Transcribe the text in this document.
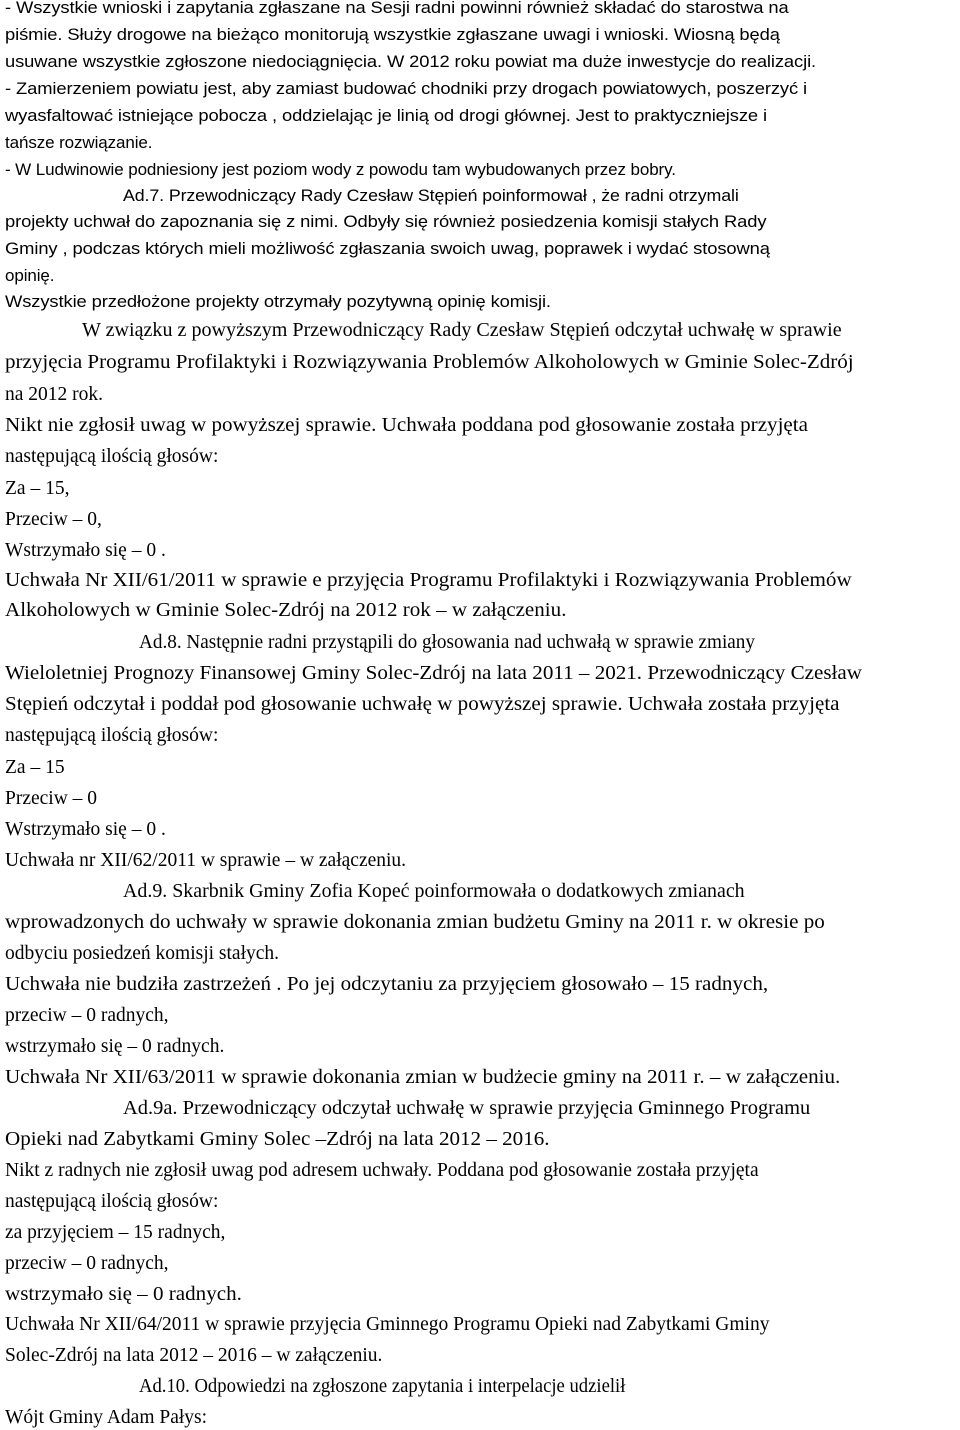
- Wszystkie wnioski i zapytania zgłaszane na Sesji radni powinni również składać do starostwa na
piśmie. Służy drogowe na bieżąco monitorują wszystkie zgłaszane uwagi i wnioski. Wiosną będą
usuwane wszystkie zgłoszone niedociągnięcia. W 2012 roku powiat ma duże inwestycje do realizacji.
- Zamierzeniem powiatu jest, aby zamiast budować chodniki przy drogach powiatowych, poszerzyć i
wyasfaltować istniejące pobocza , oddzielając je linią od drogi głównej. Jest to praktyczniejsze i
tańsze rozwiązanie.
- W Ludwinowie podniesiony jest poziom wody z powodu tam wybudowanych przez bobry.
Ad.7. Przewodniczący Rady Czesław Stępień poinformował , że radni otrzymali
projekty uchwał do zapoznania się z nimi. Odbyły się również posiedzenia komisji stałych Rady
Gminy , podczas których mieli możliwość zgłaszania swoich uwag, poprawek i wydać stosowną
opinię.
Wszystkie przedłożone projekty otrzymały pozytywną opinię komisji.
W związku z powyższym Przewodniczący Rady Czesław Stępień odczytał uchwałę w sprawie
przyjęcia Programu Profilaktyki i Rozwiązywania Problemów Alkoholowych w Gminie Solec-Zdrój
na 2012 rok.
Nikt nie zgłosił uwag w powyższej sprawie. Uchwała poddana pod głosowanie została przyjęta
następującą ilością głosów:
Za – 15,
Przeciw – 0,
Wstrzymało się – 0 .
Uchwała Nr XII/61/2011 w sprawie e przyjęcia Programu Profilaktyki i Rozwiązywania Problemów
Alkoholowych w Gminie Solec-Zdrój na 2012 rok – w załączeniu.
Ad.8. Następnie radni przystąpili do głosowania nad uchwałą w sprawie zmiany
Wieloletniej Prognozy Finansowej Gminy Solec-Zdrój na lata 2011 – 2021. Przewodniczący Czesław
Stępień odczytał i poddał pod głosowanie uchwałę w powyższej sprawie. Uchwała została przyjęta
następującą ilością głosów:
Za – 15
Przeciw – 0
Wstrzymało się – 0 .
Uchwała nr XII/62/2011 w sprawie – w załączeniu.
Ad.9. Skarbnik Gminy Zofia Kopeć poinformowała o dodatkowych zmianach
wprowadzonych do uchwały w sprawie dokonania zmian budżetu Gminy na 2011 r. w okresie po
odbyciu posiedzeń komisji stałych.
Uchwała nie budziła zastrzeżeń . Po jej odczytaniu za przyjęciem głosowało – 15 radnych,
przeciw – 0 radnych,
wstrzymało się – 0 radnych.
Uchwała Nr XII/63/2011 w sprawie dokonania zmian w budżecie gminy na 2011 r. – w załączeniu.
Ad.9a. Przewodniczący odczytał uchwałę w sprawie przyjęcia Gminnego Programu
Opieki nad Zabytkami Gminy Solec –Zdrój na lata 2012 – 2016.
Nikt z radnych nie zgłosił uwag pod adresem uchwały. Poddana pod głosowanie została przyjęta
następującą ilością głosów:
za przyjęciem – 15 radnych,
przeciw – 0 radnych,
wstrzymało się – 0 radnych.
Uchwała Nr XII/64/2011 w sprawie przyjęcia Gminnego Programu Opieki nad Zabytkami Gminy
Solec-Zdrój na lata 2012 – 2016 – w załączeniu.
Ad.10. Odpowiedzi na zgłoszone zapytania i interpelacje udzielił
Wójt Gminy Adam Pałys:
